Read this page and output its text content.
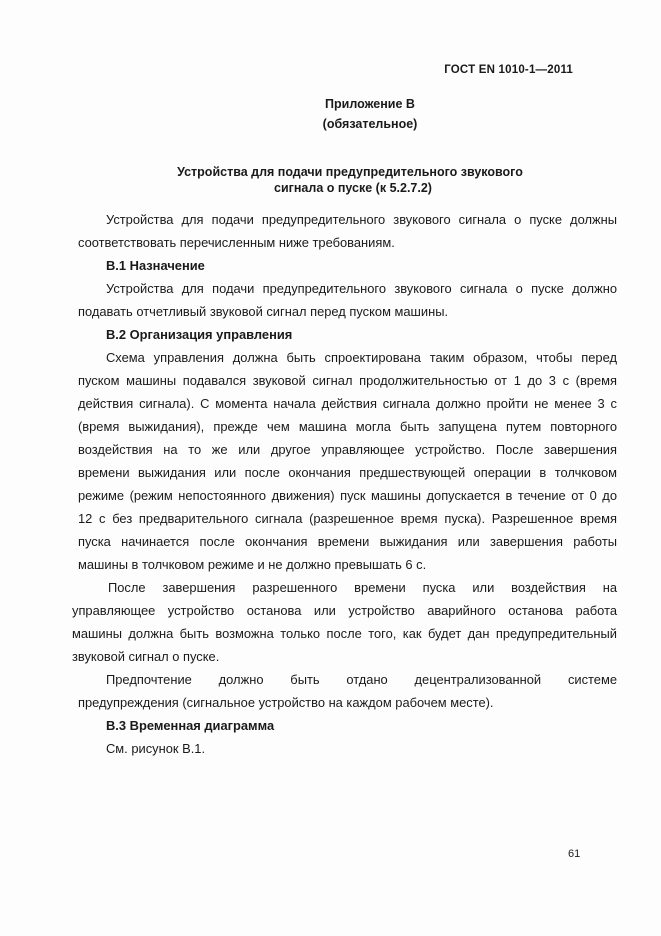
ГОСТ EN 1010-1—2011
Приложение В
(обязательное)
Устройства для подачи предупредительного звукового
сигнала о пуске (к 5.2.7.2)
Устройства для подачи предупредительного звукового сигнала о пуске должны
соответствовать перечисленным ниже требованиям.
В.1 Назначение
Устройства для подачи предупредительного звукового сигнала о пуске должно
подавать отчетливый звуковой сигнал перед пуском машины.
В.2 Организация управления
Схема управления должна быть спроектирована таким образом, чтобы перед
пуском машины подавался звуковой сигнал продолжительностью от 1 до 3 с (время
действия сигнала). С момента начала действия сигнала должно пройти не менее 3 с
(время выжидания), прежде чем машина могла быть запущена путем повторного
воздействия на то же или другое управляющее устройство. После завершения
времени выжидания или после окончания предшествующей операции в толчковом
режиме (режим непостоянного движения) пуск машины допускается в течение от 0 до
12 с без предварительного сигнала (разрешенное время пуска). Разрешенное время
пуска начинается после окончания времени выжидания или завершения работы
машины в толчковом режиме и не должно превышать 6 с.
После завершения разрешенного времени пуска или воздействия на
управляющее устройство останова или устройство аварийного останова работа
машины должна быть возможна только после того, как будет дан предупредительный
звуковой сигнал о пуске.
Предпочтение должно быть отдано децентрализованной системе
предупреждения (сигнальное устройство на каждом рабочем месте).
В.3 Временная диаграмма
См. рисунок В.1.
61
